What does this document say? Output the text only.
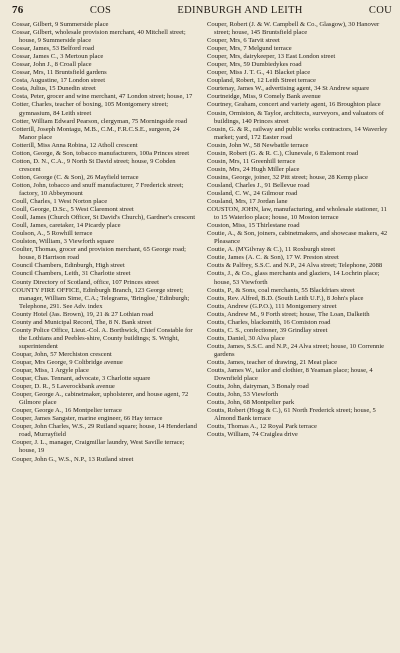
76	COS	EDINBURGH AND LEITH	COU
Cossar, Gilbert, 9 Summerside place
Cossar, Gilbert, wholesale provision merchant, 40 Mitchell street; house, 9 Summerside place
Cossar, James, 53 Belford road
Cossar, James C., 3 Mertoun place
Cossar, John J., 8 Croall place
Cossar, Mrs, 11 Bruntsfield gardens
Costa, Augustine, 17 London street
Costa, Julius, 15 Dunedin street
Costa, Peter, grocer and wine merchant, 47 London street; house, 17
Cotter, Charles, teacher of boxing, 105 Montgomery street; gymnasium, 84 Leith street
Cotter, William Edward Pearson, clergyman, 75 Morningside road
Cotterill, Joseph Montagu, M.B., C.M., F.R.C.S.E., surgeon, 24 Manor place
Cotterill, Miss Anna Robina, 12 Atholl crescent
Cotton, George, & Son, tobacco manufacturers, 100a Princes street
Cotton, D. N., C.A., 9 North St David street; house, 9 Cobden crescent
Cotton, George (C. & Son), 26 Mayfield terrace
Cotton, John, tobacco and snuff manufacturer, 7 Frederick street; factory, 10 Abbeymount
Coull, Charles, 1 West Norton place
Coull, George, D.Sc., 5 West Claremont street
Coull, James (Church Officer, St David's Church), Gardner's crescent
Coull, James, caretaker, 14 Picardy place
Coulson, A., 5 Rowhill terrace
Coulston, William, 3 Viewforth square
Coulter, Thomas, grocer and provision merchant, 65 George road; house, 8 Harrison road
Council Chambers, Edinburgh, High street
Council Chambers, Leith, 31 Charlotte street
County Directory of Scotland, office, 107 Princes street
COUNTY FIRE OFFICE, Edinburgh Branch, 123 George street; manager, William Sime, C.A.; Telegrams, 'Bringloe,' Edinburgh; Telephone, 291. See Adv. index
County Hotel (Jas. Brown), 19, 21 & 27 Lothian road
County and Municipal Record, The, 8 N. Bank street
County Police Office, Lieut.-Col. A. Borthwick, Chief Constable for the Lothians and Peebles-shire, County buildings; S. Wright, superintendent
Coupar, John, 57 Merchiston crescent
Coupar, Mrs George, 9 Coltbridge avenue
Coupar, Miss, 1 Argyle place
Coupar, Chas. Tennant, advocate, 3 Charlotte square
Couper, D. R., 5 Laverockbank avenue
Couper, George A., cabinetmaker, upholsterer, and house agent, 72 Gilmore place
Couper, George A., 16 Montpelier terrace
Couper, James Sangster, marine engineer, 66 Hay terrace
Couper, John Charles, W.S., 29 Rutland square; house, 14 Henderland road, Murrayfield
Couper, J. L., manager, Craigmillar laundry, West Saville terrace; house, 19
Couper, John G., W.S., N.P., 13 Rutland street
Couper, Robert (J. & W. Campbell & Co., Glasgow), 30 Hanover street; house, 145 Bruntsfield place
Couper, Mrs, 6 Tarvit street
Couper, Mrs, 7 Melgund terrace
Couper, Mrs, dairykeeper, 13 East London street
Couper, Mrs, 59 Dumbiedykes road
Couper, Miss J. T. G., 41 Blacket place
Coupland, Robert, 12 Leith Street terrace
Courtenay, James W., advertising agent, 34 St Andrew square
Courtneidge, Miss, 9 Comely Bank avenue
Courtney, Graham, concert and variety agent, 16 Broughton place
Cousin, Ormiston, & Taylor, architects, surveyors, and valuators of buildings, 140 Princes street
Cousin, G. & R., railway and public works contractors, 14 Waverley market; yard, 172 Easter road
Cousin, John W., 58 Newbattle terrace
Cousin, Robert (G. & R. C.), Clunevale, 6 Eslemont road
Cousin, Mrs, 11 Greenhill terrace
Cousin, Mrs, 24 Hugh Miller place
Cousins, George, joiner, 32 Pitt street; house, 28 Kemp place
Cousland, Charles J., 91 Bellevue road
Cousland, C. W., 24 Gilmour road
Cousland, Mrs, 17 Jordan lane
COUSTON, JOHN, law, manufacturing, and wholesale stationer, 11 to 15 Waterloo place; house, 10 Moston terrace
Couston, Miss, 15 Thirlestane road
Coutie, A., & Son, joiners, cabinetmakers, and showcase makers, 42 Pleasance
Coutie, A. (M'Gilvray & C.), 11 Roxburgh street
Coutie, James (A. C. & Son), 17 W. Preston street
Coutts & Palfrey, S.S.C. and N.P., 24 Alva street; Telephone, 2088
Coutts, J., & Co., glass merchants and glaziers, 14 Lochrin place; house, 53 Viewforth
Coutts, P., & Sons, coal merchants, 55 Blackfriars street
Coutts, Rev. Alfred, B.D. (South Leith U.F.), 8 John's place
Coutts, Andrew (G.P.O.), 111 Montgomery street
Coutts, Andrew M., 9 Forth street; house, The Loan, Dalkeith
Coutts, Charles, blacksmith, 16 Comiston road
Coutts, C. S., confectioner, 39 Grindlay street
Coutts, Daniel, 30 Alva place
Coutts, James, S.S.C. and N.P., 24 Alva street; house, 10 Corrennie gardens
Coutts, James, teacher of drawing, 21 Meat place
Coutts, James W., tailor and clothier, 8 Yeaman place; house, 4 Downfield place
Coutts, John, dairyman, 3 Bonaly road
Coutts, John, 53 Viewforth
Coutts, John, 68 Montpelier park
Coutts, Robert (Hogg & C.), 61 North Frederick street; house, 5 Almond Bank terrace
Coutts, Thomas A., 12 Royal Park terrace
Coutts, William, 74 Craiglea drive
